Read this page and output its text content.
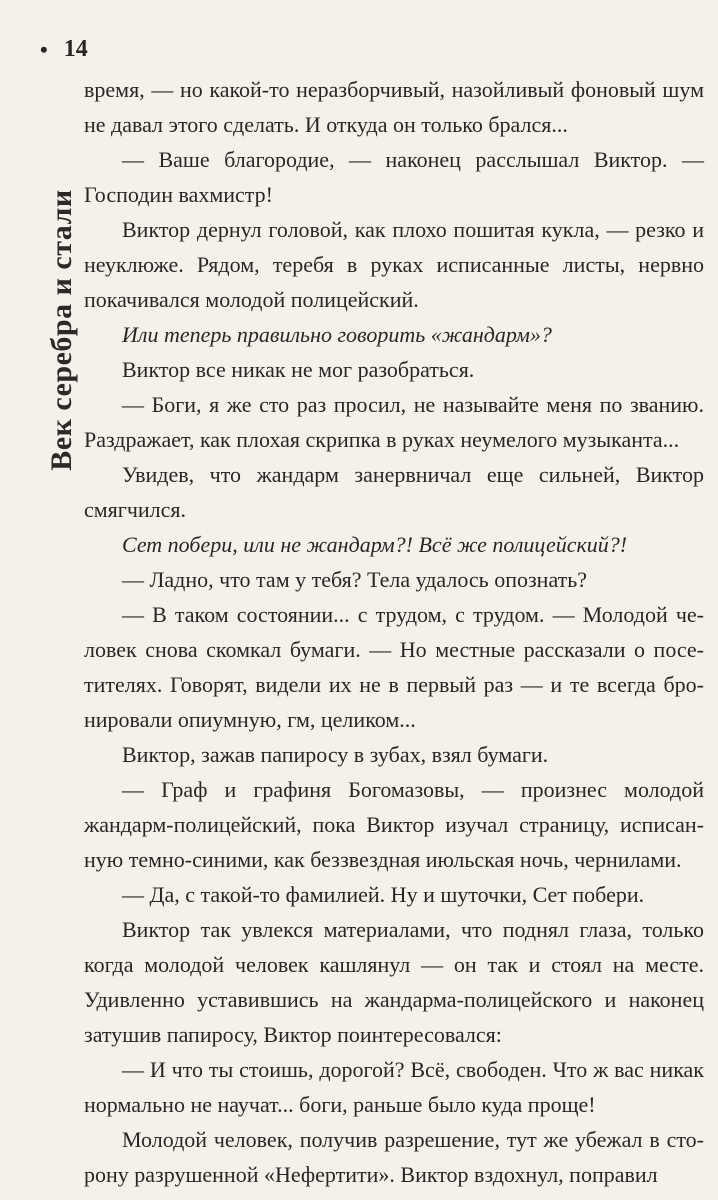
• 14
Век серебра и стали

время, — но какой-то неразборчивый, назойливый фоновый шум не давал этого сделать. И откуда он только брался...

— Ваше благородие, — наконец расслышал Виктор. — Господин вахмистр!

Виктор дернул головой, как плохо пошитая кукла, — резко и неуклюже. Рядом, теребя в руках исписанные листы, нервно покачивался молодой полицейский.

Или теперь правильно говорить «жандарм»?

Виктор все никак не мог разобраться.

— Боги, я же сто раз просил, не называйте меня по званию. Раздражает, как плохая скрипка в руках неумелого музыканта...

Увидев, что жандарм занервничал еще сильней, Виктор смягчился.

Сет побери, или не жандарм?! Всё же полицейский?!

— Ладно, что там у тебя? Тела удалось опознать?

— В таком состоянии... с трудом, с трудом. — Молодой человек снова скомкал бумаги. — Но местные рассказали о посетителях. Говорят, видели их не в первый раз — и те всегда бронировали опиумную, гм, целиком...

Виктор, зажав папиросу в зубах, взял бумаги.

— Граф и графиня Богомазовы, — произнес молодой жандарм-полицейский, пока Виктор изучал страницу, исписанную темно-синими, как беззвездная июльская ночь, чернилами.

— Да, с такой-то фамилией. Ну и шуточки, Сет побери.

Виктор так увлекся материалами, что поднял глаза, только когда молодой человек кашлянул — он так и стоял на месте. Удивленно уставившись на жандарма-полицейского и наконец затушив папиросу, Виктор поинтересовался:

— И что ты стоишь, дорогой? Всё, свободен. Что ж вас никак нормально не научат... боги, раньше было куда проще!

Молодой человек, получив разрешение, тут же убежал в сторону разрушенной «Нефертити». Виктор вздохнул, поправил
